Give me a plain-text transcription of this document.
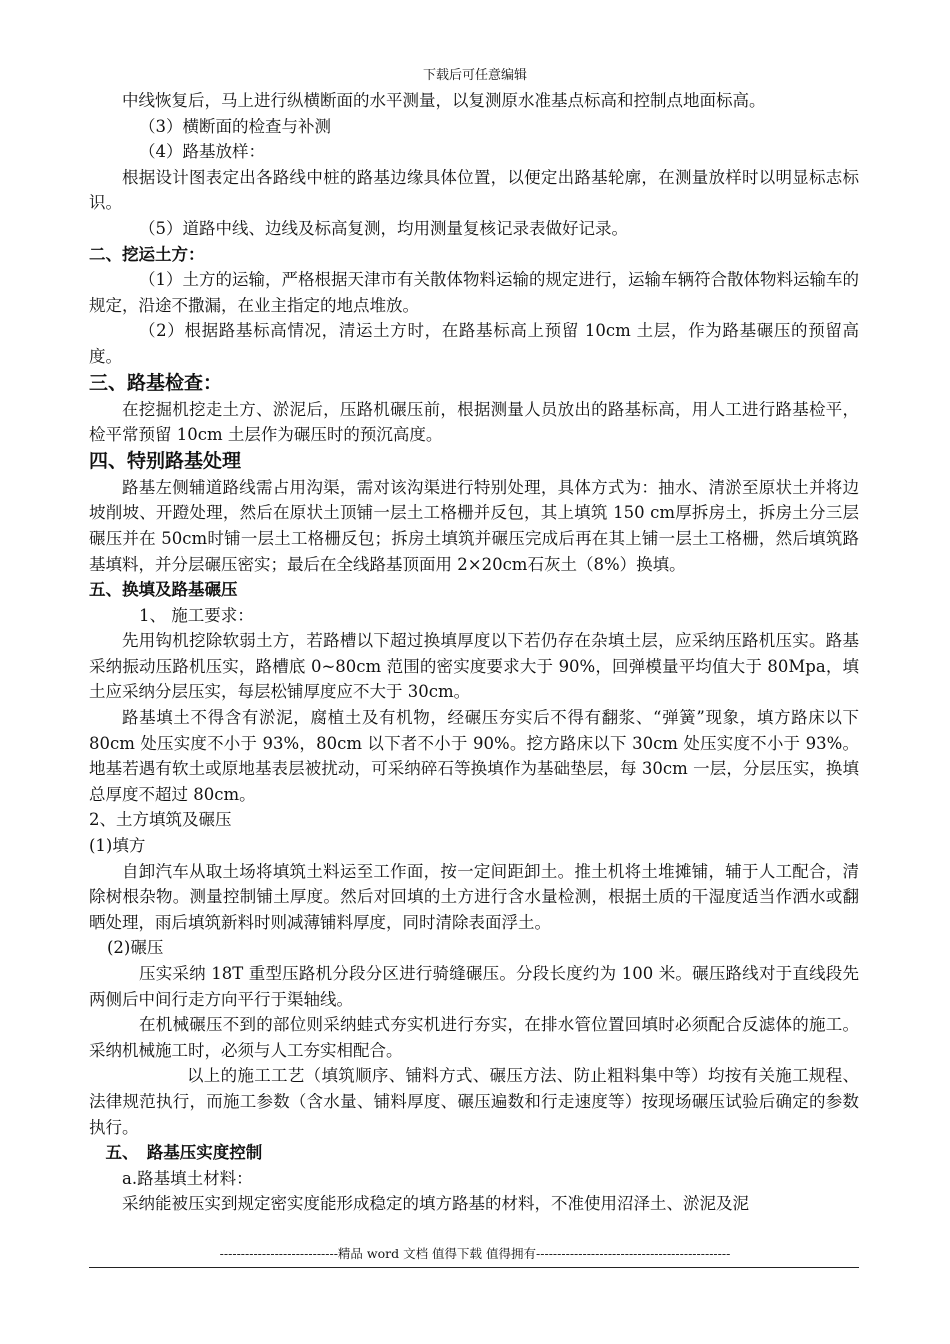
下载后可任意编辑

中线恢复后，马上进行纵横断面的水平测量，以复测原水准基点标高和控制点地面标高。

（3）横断面的检查与补测

（4）路基放样：

根据设计图表定出各路线中桩的路基边缘具体位置，以便定出路基轮廓，在测量放样时以明显标志标识。

（5）道路中线、边线及标高复测，均用测量复核记录表做好记录。

二、挖运土方：

（1）土方的运输，严格根据天津市有关散体物料运输的规定进行，运输车辆符合散体物料运输车的规定，沿途不撒漏，在业主指定的地点堆放。

（2）根据路基标高情况，清运土方时，在路基标高上预留 10cm 土层，作为路基碾压的预留高度。

三、路基检查：

在挖掘机挖走土方、淤泥后，压路机碾压前，根据测量人员放出的路基标高，用人工进行路基检平，检平常预留 10cm 土层作为碾压时的预沉高度。

四、特别路基处理

路基左侧辅道路线需占用沟渠，需对该沟渠进行特别处理，具体方式为：抽水、清淤至原状土并将边坡削坡、开蹬处理，然后在原状土顶铺一层土工格栅并反包，其上填筑 150 cm厚拆房土，拆房土分三层碾压并在 50cm时铺一层土工格栅反包；拆房土填筑并碾压完成后再在其上铺一层土工格栅，然后填筑路基填料，并分层碾压密实；最后在全线路基顶面用 2×20cm石灰土（8%）换填。

五、换填及路基碾压

1、 施工要求：

先用钩机挖除软弱土方，若路槽以下超过换填厚度以下若仍存在杂填土层，应采纳压路机压实。路基采纳振动压路机压实，路槽底 0~80cm 范围的密实度要求大于 90%，回弹模量平均值大于 80Mpa，填土应采纳分层压实，每层松铺厚度应不大于 30cm。

路基填土不得含有淤泥，腐植土及有机物，经碾压夯实后不得有翻浆、“弹簧”现象，填方路床以下 80cm 处压实度不小于 93%，80cm 以下者不小于 90%。挖方路床以下 30cm 处压实度不小于 93%。地基若遇有软土或原地基表层被扰动，可采纳碎石等换填作为基础垫层，每 30cm 一层，分层压实，换填总厚度不超过 80cm。

2、土方填筑及碾压

(1)填方

自卸汽车从取土场将填筑土料运至工作面，按一定间距卸土。推土机将土堆摊铺，辅于人工配合，清除树根杂物。测量控制铺土厚度。然后对回填的土方进行含水量检测，根据土质的干湿度适当作洒水或翻晒处理，雨后填筑新料时则减薄铺料厚度，同时清除表面浮土。

(2)碾压

压实采纳 18T 重型压路机分段分区进行骑缝碾压。分段长度约为 100 米。碾压路线对于直线段先两侧后中间行走方向平行于渠轴线。

在机械碾压不到的部位则采纳蛙式夯实机进行夯实，在排水管位置回填时必须配合反滤体的施工。采纳机械施工时，必须与人工夯实相配合。

以上的施工工艺（填筑顺序、铺料方式、碾压方法、防止粗料集中等）均按有关施工规程、法律规范执行，而施工参数（含水量、铺料厚度、碾压遍数和行走速度等）按现场碾压试验后确定的参数执行。

　五、　路基压实度控制

a.路基填土材料：

采纳能被压实到规定密实度能形成稳定的填方路基的材料，不准使用沼泽土、淤泥及泥

----------------------------精品 word 文档 值得下载 值得拥有----------------------------------------------
